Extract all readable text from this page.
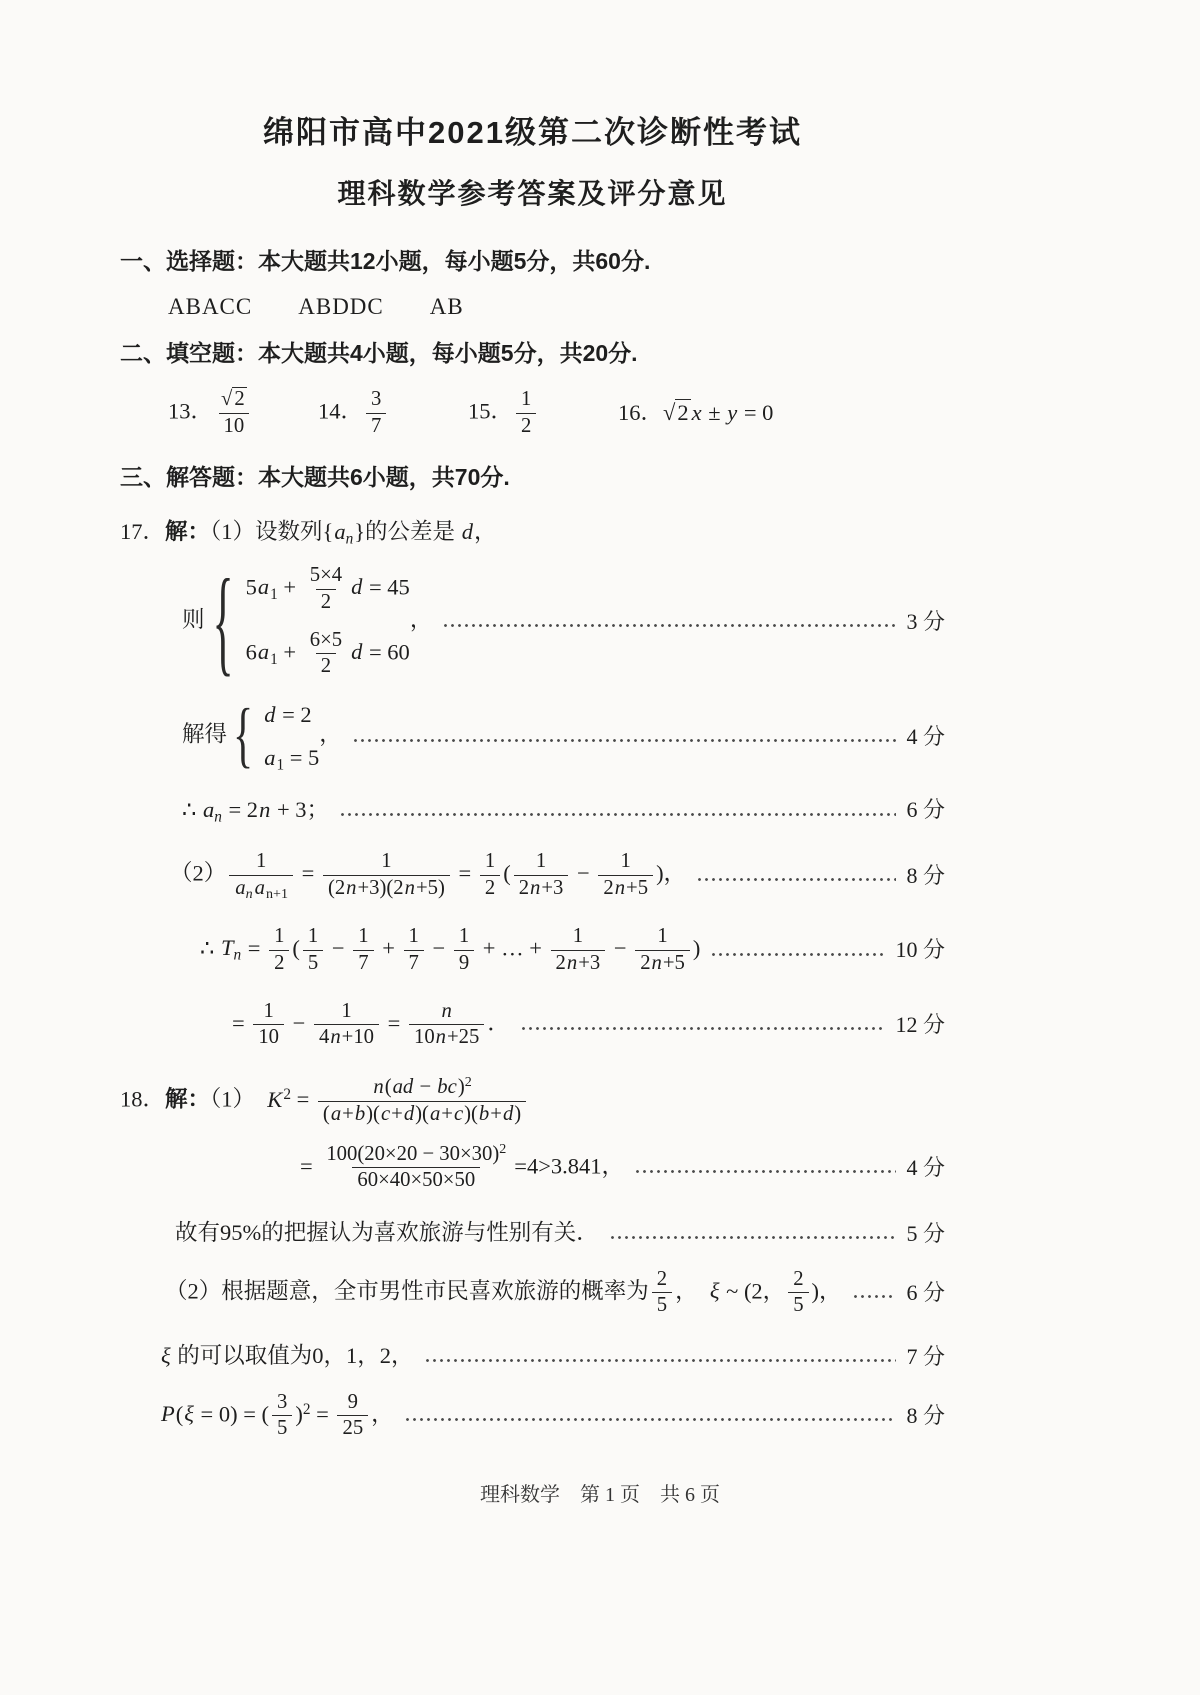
绵阳市高中2021级第二次诊断性考试
理科数学参考答案及评分意见
一、选择题：本大题共12小题，每小题5分，共60分.
ABACC ABDDC AB
二、填空题：本大题共4小题，每小题5分，共20分.
13． $\frac{√2}{10}$	14． $\frac{3}{7}$	15． $\frac{1}{2}$	16．√2 x ± y = 0
三、解答题：本大题共6小题，共70分.
17．解：（1）设数列$\{a_n\}$的公差是 d，
则 { $5a_1 + \frac{5\times 4}{2}$ d = 45
$6a_1 + \frac{6\times 5}{2}$ d = 60
，	3 分
解得 { d = 2
$a_1 = 5$
，	4 分
∴ $a_n = 2n + 3$；	6 分
$(2) \frac{1}{a_na_{n+1}} = \frac{1}{(2n+3)(2n+5)} = \frac{1}{2}$ ( $\frac{1}{2n+3} - \frac{1}{2n+5}$ )，	8 分
∴ $T_n = \frac{1}{2}$ ( $\frac{1}{5} - \frac{1}{7} + \frac{1}{7} - \frac{1}{9}$ + … + $\frac{1}{2n+3} - \frac{1}{2n+5}$ )	10 分
= $\frac{1}{10} - \frac{1}{4n+10} = \frac{n}{10n+25}$ ．	12 分
18．解：（1）　$K^2 = \frac{n(ad - bc)^2}{(a+b)(c+d)(a+c)(b+d)}$
= $\frac{100(20\times 20 - 30\times 30)^2}{60\times 40\times 50\times 50} =4>3.841$，	4 分
故有95%的把握认为喜欢旅游与性别有关．	5 分
（2）根据题意，全市男性市民喜欢旅游的概率为 $\frac{2}{5}$ ，　ξ ~ (2， $\frac{2}{5}$ )，	6 分
ξ 的可以取值为0，1，2，	7 分
P(ξ = 0) = ( $\frac{3}{5} )^2 = \frac{9}{25}$ ，	8 分
理科数学　第 1 页　共 6 页
